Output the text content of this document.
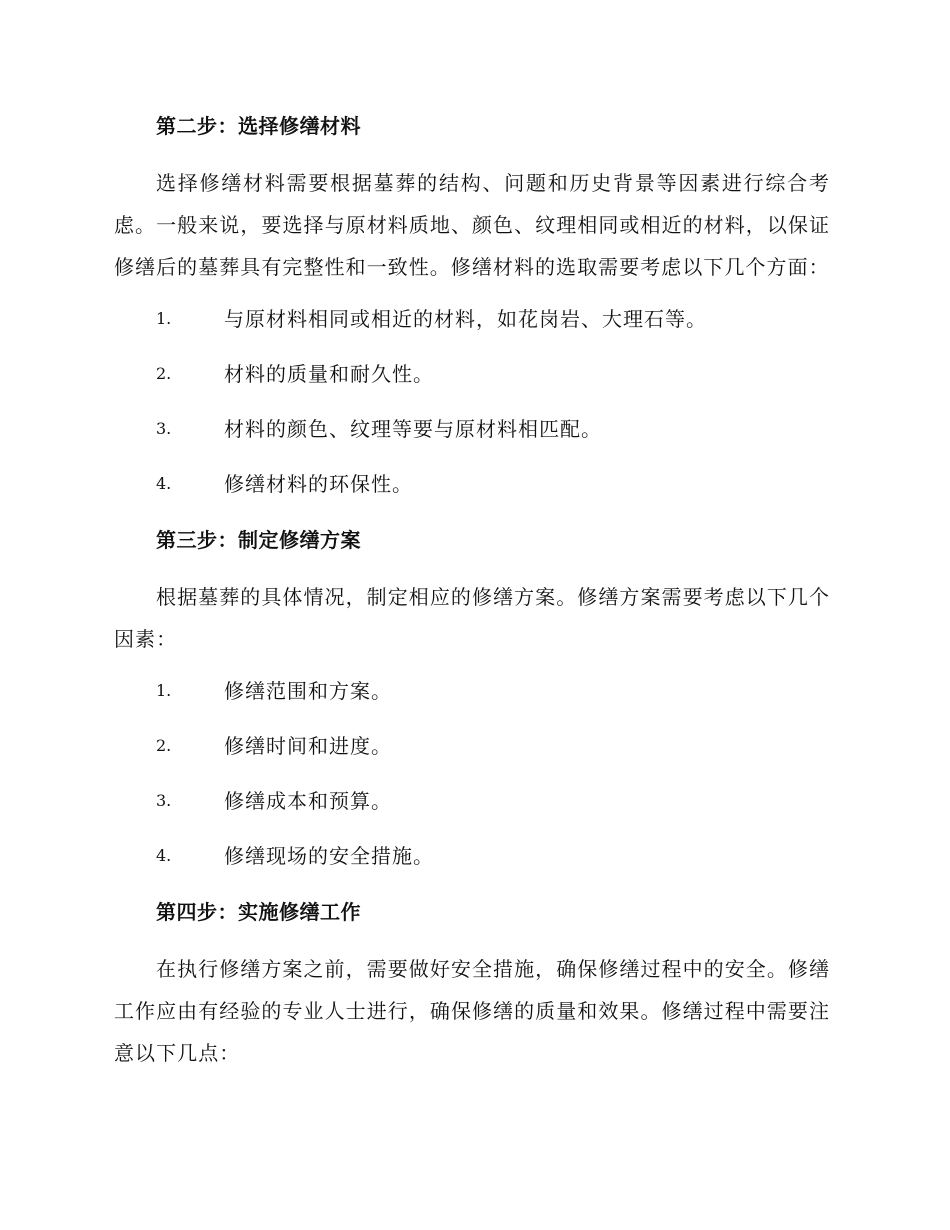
第二步：选择修缮材料

选择修缮材料需要根据墓葬的结构、问题和历史背景等因素进行综合考虑。一般来说，要选择与原材料质地、颜色、纹理相同或相近的材料，以保证修缮后的墓葬具有完整性和一致性。修缮材料的选取需要考虑以下几个方面：

1.	与原材料相同或相近的材料，如花岗岩、大理石等。
2.	材料的质量和耐久性。
3.	材料的颜色、纹理等要与原材料相匹配。
4.	修缮材料的环保性。
第三步：制定修缮方案

根据墓葬的具体情况，制定相应的修缮方案。修缮方案需要考虑以下几个因素：

1.	修缮范围和方案。
2.	修缮时间和进度。
3.	修缮成本和预算。
4.	修缮现场的安全措施。
第四步：实施修缮工作

在执行修缮方案之前，需要做好安全措施，确保修缮过程中的安全。修缮工作应由有经验的专业人士进行，确保修缮的质量和效果。修缮过程中需要注意以下几点：
